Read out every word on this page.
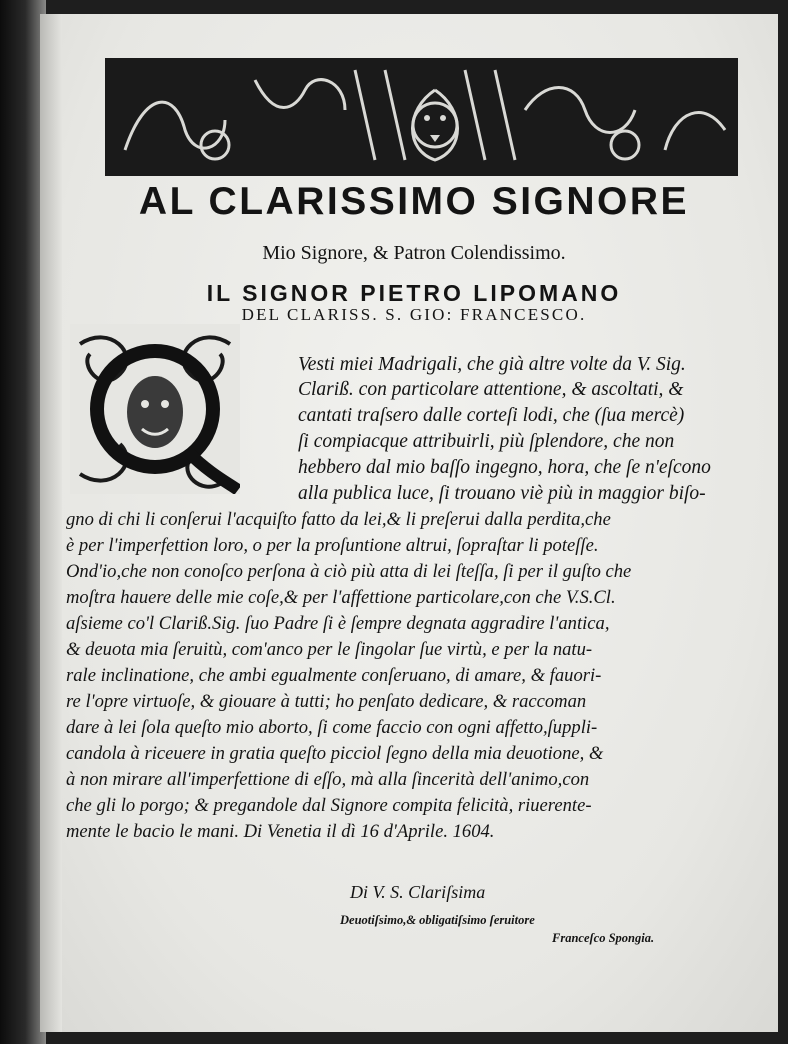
AL CLARISSIMO SIGNORE
Mio Signore, & Patron Colendissimo.
IL SIGNOR PIETRO LIPOMANO
DEL CLARISS. S. GIO: FRANCESCO.
Q
Vesti miei Madrigali, che già altre volte da V. Sig.
Clariß. con particolare attentione, & ascoltati, &
cantati traſsero dalle corteſi lodi, che (ſua mercè)
ſi compiacque attribuirli, più ſplendore, che non
hebbero dal mio baſſo ingegno, hora, che ſe n'eſcono
alla publica luce, ſi trouano viè più in maggior biſo-
gno di chi li conſerui l'acquiſto fatto da lei,& li preſerui dalla perdita,che
è per l'imperfettion loro, o per la proſuntione altrui, ſopraſtar li poteſſe.
Ond'io,che non conoſco perſona à ciò più atta di lei ſteſſa, ſi per il guſto che
moſtra hauere delle mie coſe,& per l'affettione particolare,con che V.S.Cl.
aſsieme co'l Clariß.Sig. ſuo Padre ſi è ſempre degnata aggradire l'antica,
& deuota mia ſeruitù, com'anco per le ſingolar ſue virtù, e per la natu-
rale inclinatione, che ambi egualmente conſeruano, di amare, & fauori-
re l'opre virtuoſe, & giouare à tutti; ho penſato dedicare, & raccoman
dare à lei ſola queſto mio aborto, ſi come faccio con ogni affetto,ſuppli-
candola à riceuere in gratia queſto picciol ſegno della mia deuotione, &
à non mirare all'imperfettione di eſſo, mà alla ſincerità dell'animo,con
che gli lo porgo; & pregandole dal Signore compita felicità, riuerente-
mente le bacio le mani. Di Venetia il dì 16 d'Aprile. 1604.
Di V. S. Clariſsima
Deuotiſsimo,& obligatiſsimo ſeruitore
Franceſco Spongia.
